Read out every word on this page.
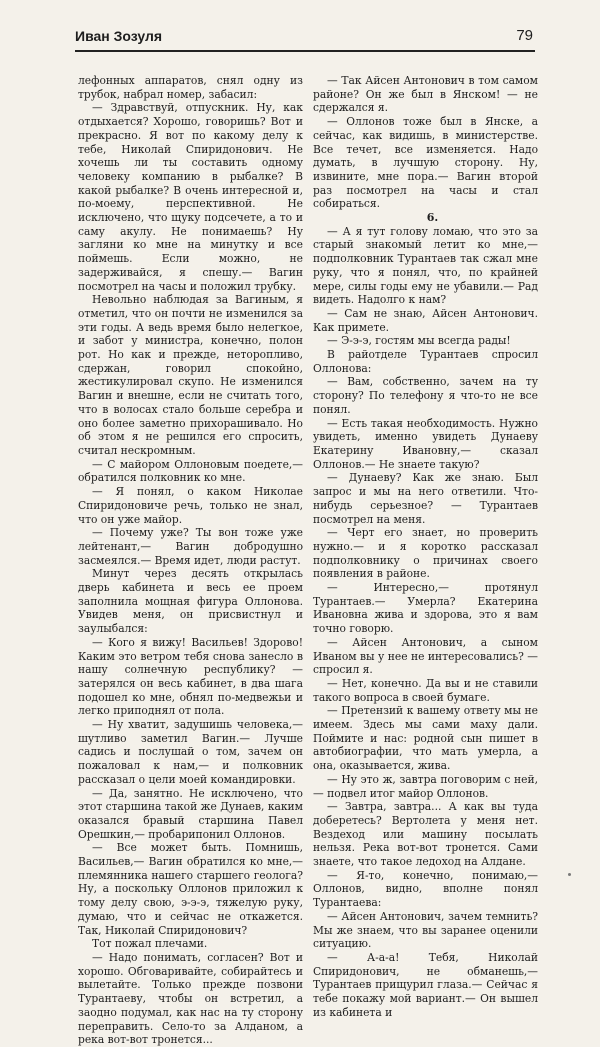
Иван Зозуля	79

лефонных аппаратов, снял одну из трубок, набрал номер, забасил:

— Здравствуй, отпускник. Ну, как отдыхается? Хорошо, говоришь? Вот и прекрасно. Я вот по какому делу к тебе, Николай Спиридонович. Не хочешь ли ты составить одному человеку компанию в рыбалке? В какой рыбалке? В очень интересной и, по-моему, перспективной. Не исключено, что щуку подсечете, а то и саму акулу. Не понимаешь? Ну загляни ко мне на минутку и все поймешь. Если можно, не задерживайся, я спешу.— Вагин посмотрел на часы и положил трубку.

Невольно наблюдая за Вагиным, я отметил, что он почти не изменился за эти годы. А ведь время было нелегкое, и забот у министра, конечно, полон рот. Но как и прежде, неторопливо, сдержан, говорил спокойно, жестикулировал скупо. Не изменился Вагин и внешне, если не считать того, что в волосах стало больше серебра и оно более заметно прихорашивало. Но об этом я не решился его спросить, считал нескромным.

— С майором Оллоновым поедете,— обратился полковник ко мне.

— Я понял, о каком Николае Спиридоновиче речь, только не знал, что он уже майор.

— Почему уже? Ты вон тоже уже лейтенант,— Вагин добродушно засмеялся.— Время идет, люди растут.

Минут через десять открылась дверь кабинета и весь ее проем заполнила мощная фигура Оллонова. Увидев меня, он присвистнул и заулыбался:

— Кого я вижу! Васильев! Здорово! Каким это ветром тебя снова занесло в нашу солнечную республику? — затерялся он весь кабинет, в два шага подошел ко мне, обнял по-медвежьи и легко приподнял от пола.

— Ну хватит, задушишь человека,— шутливо заметил Вагин.— Лучше садись и послушай о том, зачем он пожаловал к нам,— и полковник рассказал о цели моей командировки.

— Да, занятно. Не исключено, что этот старшина такой же Дунаев, каким оказался бравый старшина Павел Орешкин,— пробарипонил Оллонов.

— Все может быть. Помнишь, Васильев,— Вагин обратился ко мне,— племянника нашего старшего геолога? Ну, а поскольку Оллонов приложил к тому делу свою, э-э-э, тяжелую руку, думаю, что и сейчас не откажется. Так, Николай Спиридонович?

Тот пожал плечами.

— Надо понимать, согласен? Вот и хорошо. Обговаривайте, собирайтесь и вылетайте. Только прежде позвони Турантаеву, чтобы он встретил, а заодно подумал, как нас на ту сторону переправить. Село-то за Алданом, а река вот-вот тронется...

— Так Айсен Антонович в том самом районе? Он же был в Янском! — не сдержался я.

— Оллонов тоже был в Янске, а сейчас, как видишь, в министерстве. Все течет, все изменяется. Надо думать, в лучшую сторону. Ну, извините, мне пора.— Вагин второй раз посмотрел на часы и стал собираться.

6.

— А я тут голову ломаю, что это за старый знакомый летит ко мне,— подполковник Турантаев так сжал мне руку, что я понял, что, по крайней мере, силы годы ему не убавили.— Рад видеть. Надолго к нам?

— Сам не знаю, Айсен Антонович. Как примете.

— Э-э-э, гостям мы всегда рады!

В райотделе Турантаев спросил Оллонова:

— Вам, собственно, зачем на ту сторону? По телефону я что-то не все понял.

— Есть такая необходимость. Нужно увидеть, именно увидеть Дунаеву Екатерину Ивановну,— сказал Оллонов.— Не знаете такую?

— Дунаеву? Как же знаю. Был запрос и мы на него ответили. Что-нибудь серьезное? — Турантаев посмотрел на меня.

— Черт его знает, но проверить нужно.— и я коротко рассказал подполковнику о причинах своего появления в районе.

— Интересно,— протянул Турантаев.— Умерла? Екатерина Ивановна жива и здорова, это я вам точно говорю.

— Айсен Антонович, а сыном Иваном вы у нее не интересовались? — спросил я.

— Нет, конечно. Да вы и не ставили такого вопроса в своей бумаге.

— Претензий к вашему ответу мы не имеем. Здесь мы сами маху дали. Поймите и нас: родной сын пишет в автобиографии, что мать умерла, а она, оказывается, жива.

— Ну это ж, завтра поговорим с ней,— подвел итог майор Оллонов.

— Завтра, завтра... А как вы туда доберетесь? Вертолета у меня нет. Вездеход или машину посылать нельзя. Река вот-вот тронется. Сами знаете, что такое ледоход на Алдане.

— Я-то, конечно, понимаю,— Оллонов, видно, вполне понял Турантаева:

— Айсен Антонович, зачем темнить? Мы же знаем, что вы заранее оценили ситуацию.

— А-а-а! Тебя, Николай Спиридонович, не обманешь,— Турантаев прищурил глаза.— Сейчас я тебе покажу мой вариант.— Он вышел из кабинета и
